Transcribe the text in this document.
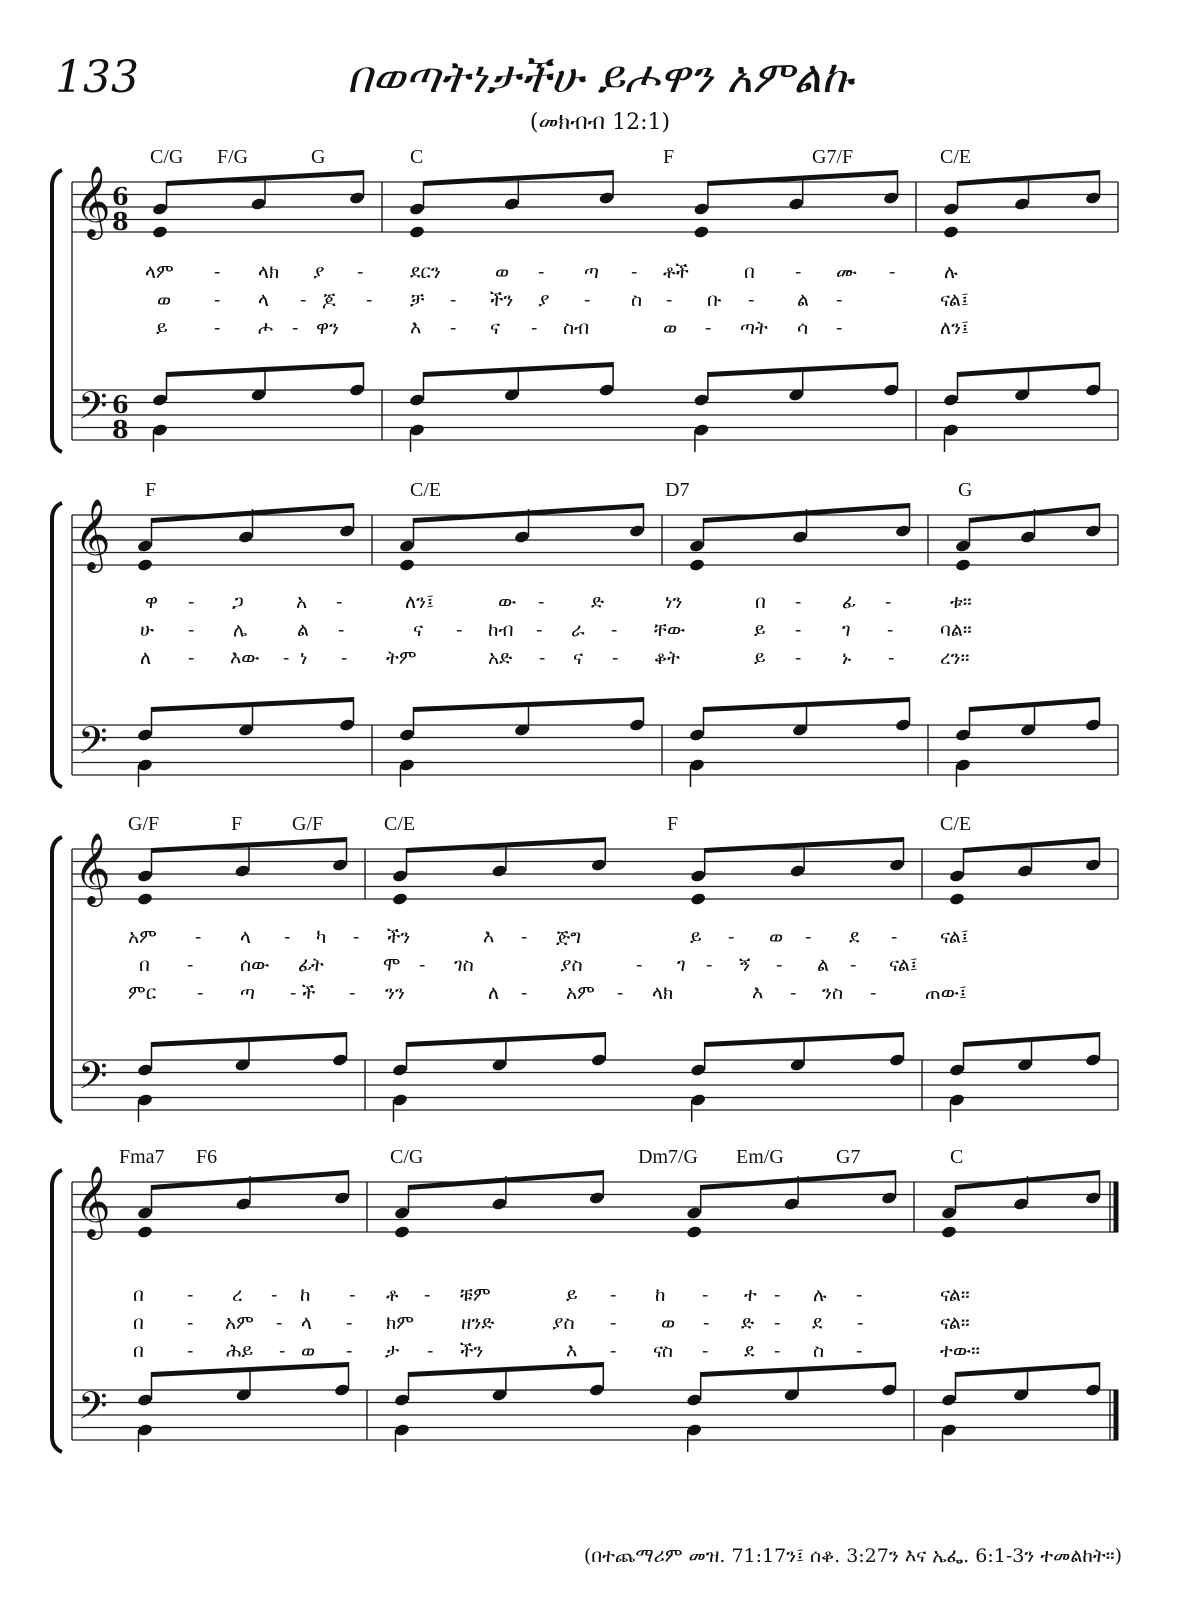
133	በወጣትነታችሁ ይሖዋን አምልኩ
(መክብብ 12:1)
𝄞
𝄢
6
8
6
8
C/G F/G	G	C	F	G7/F	C/E
ላም - ላክ ያ - ደርን	ወ - ጣ - ቶች	በ - ሙ -	ሉ
ወ - ላ - ጆ - ቻ - ችን ያ - ስ - ቡ - ል -	ናል፤
ይ - ሖ - ዋን	እ - ና - ስብ	ወ - ጣት ሳ -	ለን፤
𝄞
𝄢
F	C/E	D7	G
ዋ - ጋ	አ -	ለን፤	ው - ድ	ነን	በ - ፊ -	ቱ።
ሁ - ሌ	ል -	ና - ከብ - ራ - ቸው	ይ - ገ - ባል።
ለ - እው - ነ - ትም	አድ - ና - ቆት	ይ - ኑ - ረን።
𝄞
𝄢
G/F	F G/F	C/E	F	C/E
አም - ላ - ካ - ችን	እ - ጅግ	ይ - ወ - ደ - ናል፤
በ - ሰው ፊት	ሞ - ገስ	ያስ	- ገ - ኝ - ል - ናል፤
ምር - ጣ - ች - ንን	ለ - አም - ላክ	እ - ንስ -	ጠው፤
𝄞
𝄢
Fma7 F6	C/G	Dm7/G Em/G	G7	C
በ - ረ - ከ - ቶ - ቹም	ይ - ከ - ተ - ሉ -	ናል።
በ - አም - ላ - ክም ዘንድ	ያስ - ወ - ድ - ደ -	ናል።
በ - ሕይ - ወ - ታ - ችን	እ - ናስ - ደ - ስ -	ተው።
(በተጨማሪም መዝ. 71:17ን፤ ሰቆ. 3:27ን እና ኤፌ. 6:1-3ን ተመልከት።)
